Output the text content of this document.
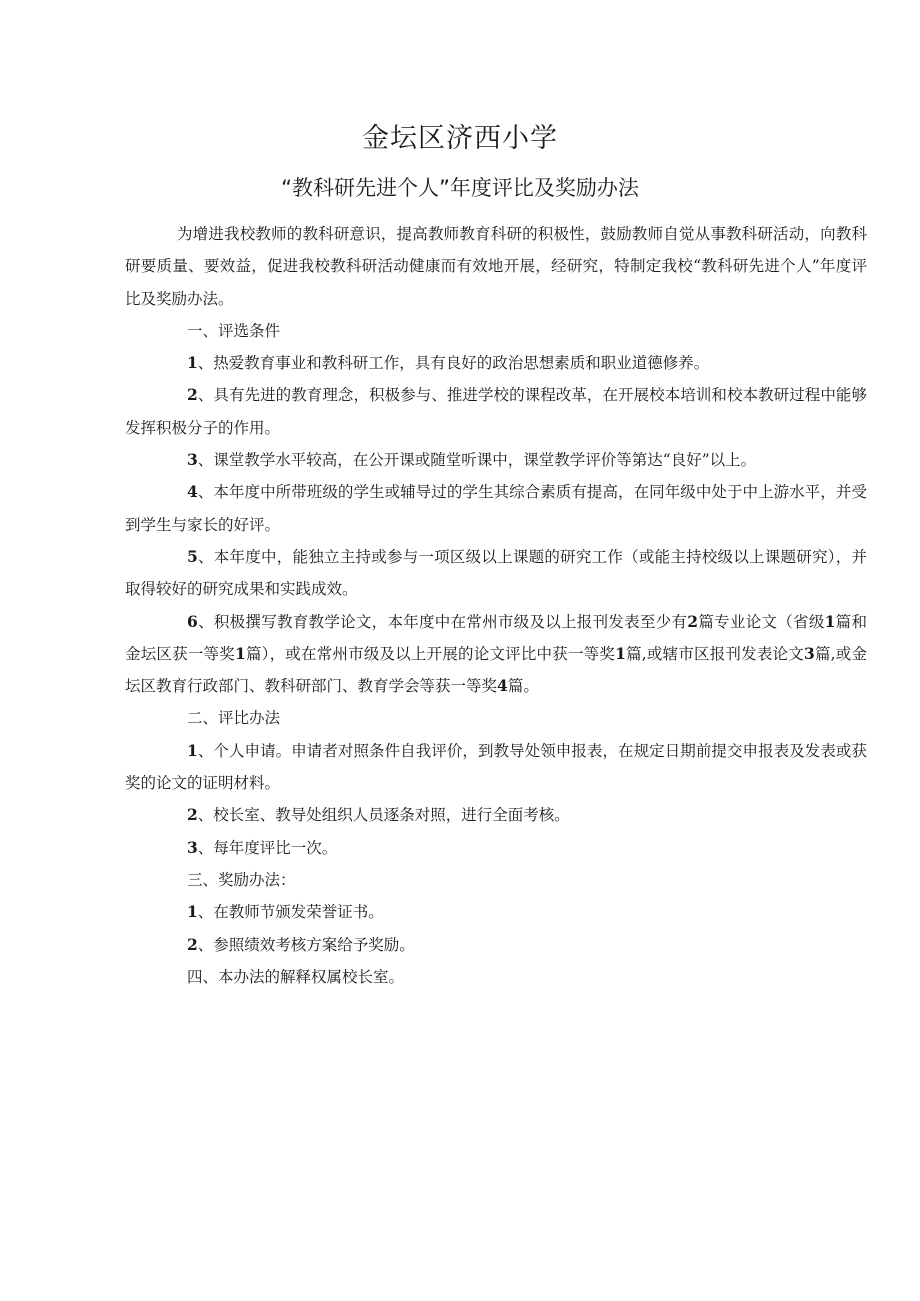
金坛区济西小学
“教科研先进个人”年度评比及奖励办法

为增进我校教师的教科研意识，提高教师教育科研的积极性，鼓励教师自觉从事教科研活动，向教科研要质量、要效益，促进我校教科研活动健康而有效地开展，经研究，特制定我校“教科研先进个人”年度评比及奖励办法。

一、评选条件

1、热爱教育事业和教科研工作，具有良好的政治思想素质和职业道德修养。

2、具有先进的教育理念，积极参与、推进学校的课程改革，在开展校本培训和校本教研过程中能够发挥积极分子的作用。

3、课堂教学水平较高，在公开课或随堂听课中，课堂教学评价等第达“良好”以上。

4、本年度中所带班级的学生或辅导过的学生其综合素质有提高，在同年级中处于中上游水平，并受到学生与家长的好评。

5、本年度中，能独立主持或参与一项区级以上课题的研究工作（或能主持校级以上课题研究），并取得较好的研究成果和实践成效。

6、积极撰写教育教学论文，本年度中在常州市级及以上报刊发表至少有2篇专业论文（省级1篇和金坛区获一等奖1篇），或在常州市级及以上开展的论文评比中获一等奖1篇,或辖市区报刊发表论文3篇,或金坛区教育行政部门、教科研部门、教育学会等获一等奖4篇。

二、评比办法

1、个人申请。申请者对照条件自我评价，到教导处领申报表，在规定日期前提交申报表及发表或获奖的论文的证明材料。

2、校长室、教导处组织人员逐条对照，进行全面考核。

3、每年度评比一次。

三、奖励办法：

1、在教师节颁发荣誉证书。

2、参照绩效考核方案给予奖励。

四、本办法的解释权属校长室。
